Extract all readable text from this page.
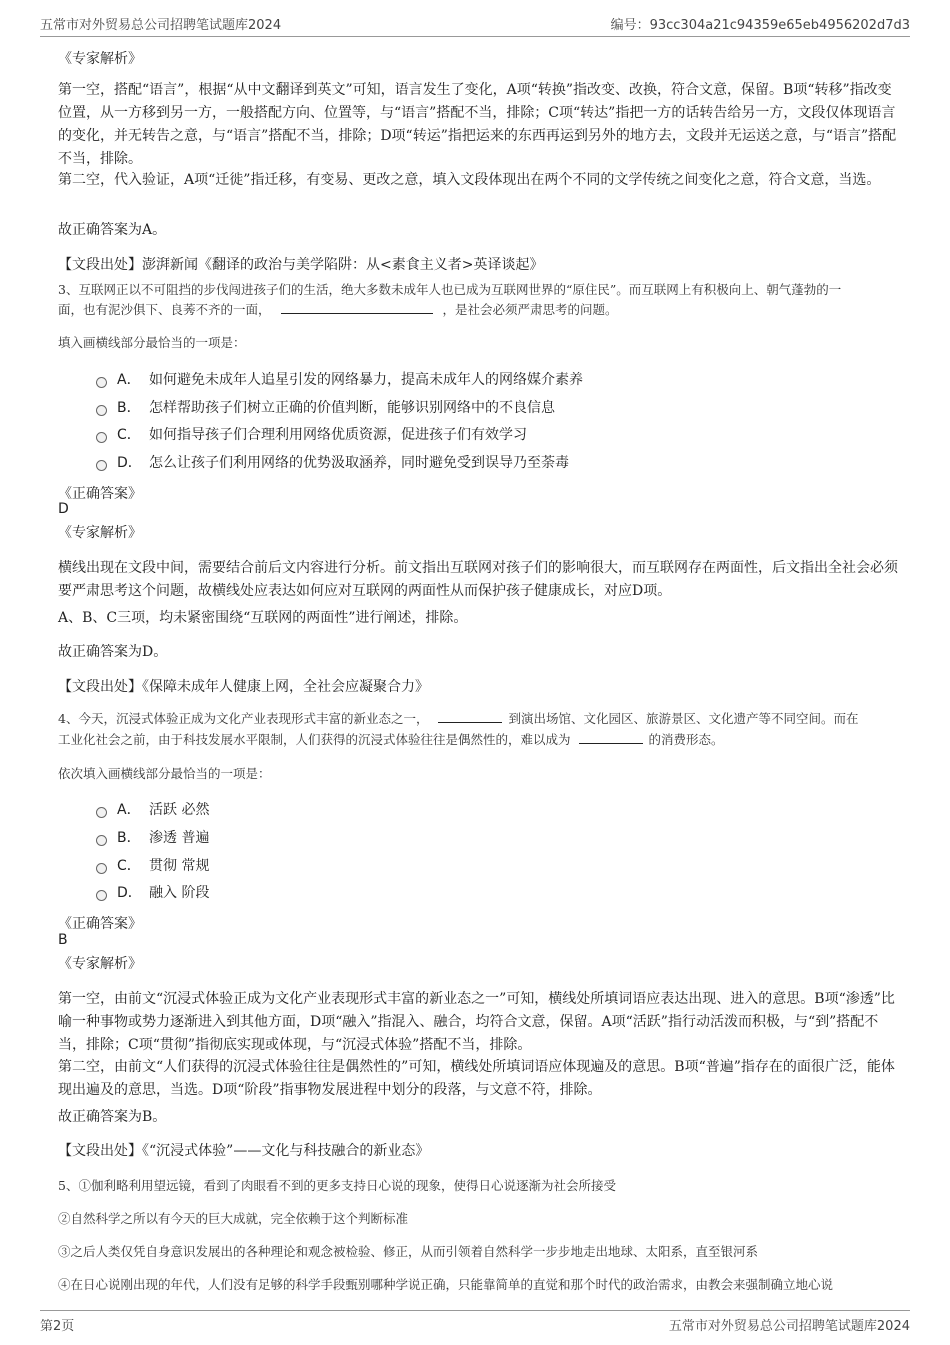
五常市对外贸易总公司招聘笔试题库2024	编号：93cc304a21c94359e65eb4956202d7d3
《专家解析》
第一空，搭配“语言”，根据“从中文翻译到英文”可知，语言发生了变化，A项“转换”指改变、改换，符合文意，保留。B项“转移”指改变位置，从一方移到另一方，一般搭配方向、位置等，与“语言”搭配不当，排除；C项“转达”指把一方的话转告给另一方，文段仅体现语言的变化，并无转告之意，与“语言”搭配不当，排除；D项“转运”指把运来的东西再运到另外的地方去，文段并无运送之意，与“语言”搭配不当，排除。
第二空，代入验证，A项“迁徙”指迁移，有变易、更改之意，填入文段体现出在两个不同的文学传统之间变化之意，符合文意，当选。
故正确答案为A。
【文段出处】澎湃新闻《翻译的政治与美学陷阱：从<素食主义者>英译谈起》
3、互联网正以不可阻挡的步伐闯进孩子们的生活，绝大多数未成年人也已成为互联网世界的“原住民”。而互联网上有积极向上、朝气蓬勃的一
面，也有泥沙俱下、良莠不齐的一面，	，是社会必须严肃思考的问题。
填入画横线部分最恰当的一项是：
A． 如何避免未成年人追星引发的网络暴力，提高未成年人的网络媒介素养
B． 怎样帮助孩子们树立正确的价值判断，能够识别网络中的不良信息
C． 如何指导孩子们合理利用网络优质资源，促进孩子们有效学习
D． 怎么让孩子们利用网络的优势汲取涵养，同时避免受到误导乃至荼毒
《正确答案》
D
《专家解析》
横线出现在文段中间，需要结合前后文内容进行分析。前文指出互联网对孩子们的影响很大，而互联网存在两面性，后文指出全社会必须要严肃思考这个问题，故横线处应表达如何应对互联网的两面性从而保护孩子健康成长，对应D项。
A、B、C三项，均未紧密围绕“互联网的两面性”进行阐述，排除。
故正确答案为D。
【文段出处】《保障未成年人健康上网，全社会应凝聚合力》
4、今天，沉浸式体验正成为文化产业表现形式丰富的新业态之一，	到演出场馆、文化园区、旅游景区、文化遗产等不同空间。而在
工业化社会之前，由于科技发展水平限制，人们获得的沉浸式体验往往是偶然性的，难以成为	的消费形态。
依次填入画横线部分最恰当的一项是：
A． 活跃 必然
B． 渗透 普遍
C． 贯彻 常规
D． 融入 阶段
《正确答案》
B
《专家解析》
第一空，由前文“沉浸式体验正成为文化产业表现形式丰富的新业态之一”可知，横线处所填词语应表达出现、进入的意思。B项“渗透”比喻一种事物或势力逐渐进入到其他方面，D项“融入”指混入、融合，均符合文意，保留。A项“活跃”指行动活泼而积极，与“到”搭配不当，排除；C项“贯彻”指彻底实现或体现，与“沉浸式体验”搭配不当，排除。
第二空，由前文“人们获得的沉浸式体验往往是偶然性的”可知，横线处所填词语应体现遍及的意思。B项“普遍”指存在的面很广泛，能体现出遍及的意思，当选。D项“阶段”指事物发展进程中划分的段落，与文意不符，排除。
故正确答案为B。
【文段出处】《“沉浸式体验”——文化与科技融合的新业态》
5、①伽利略利用望远镜，看到了肉眼看不到的更多支持日心说的现象，使得日心说逐渐为社会所接受
②自然科学之所以有今天的巨大成就，完全依赖于这个判断标准
③之后人类仅凭自身意识发展出的各种理论和观念被检验、修正，从而引领着自然科学一步步地走出地球、太阳系，直至银河系
④在日心说刚出现的年代，人们没有足够的科学手段甄别哪种学说正确，只能靠简单的直觉和那个时代的政治需求，由教会来强制确立地心说
第2页	五常市对外贸易总公司招聘笔试题库2024
